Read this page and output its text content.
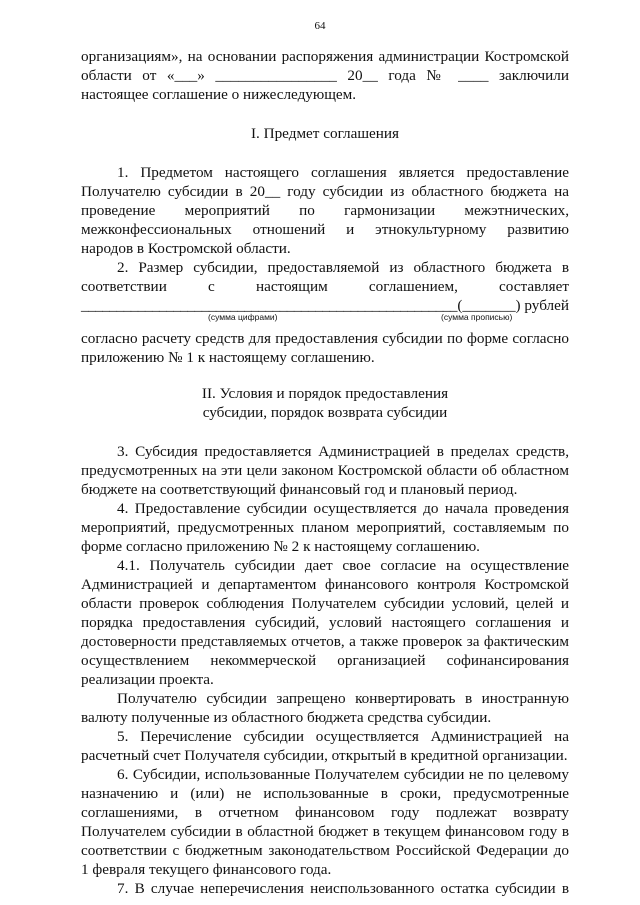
64

организациям», на основании распоряжения администрации Костромской

области от «___» ________________ 20__ года № ____ заключили

настоящее соглашение о нижеследующем.

I. Предмет соглашения

1. Предметом настоящего соглашения является предоставление

Получателю субсидии в 20__ году субсидии из областного бюджета на

проведение мероприятий по гармонизации межэтнических,

межконфессиональных отношений и этнокультурному развитию

народов в Костромской области.

2. Размер субсидии, предоставляемой из областного бюджета в

соответствии с настоящим соглашением, составляет

_____________________________________________________ (_______) рублей
(сумма цифрами)	(сумма прописью)

согласно расчету средств для предоставления субсидии по форме согласно

приложению № 1 к настоящему соглашению.

II. Условия и порядок предоставления

субсидии, порядок возврата субсидии

3. Субсидия предоставляется Администрацией в пределах средств,

предусмотренных на эти цели законом Костромской области об областном

бюджете на соответствующий финансовый год и плановый период.

4. Предоставление субсидии осуществляется до начала проведения

мероприятий, предусмотренных планом мероприятий, составляемым по

форме согласно приложению № 2 к настоящему соглашению.

4.1. Получатель субсидии дает свое согласие на осуществление

Администрацией и департаментом финансового контроля Костромской

области проверок соблюдения Получателем субсидии условий, целей и

порядка предоставления субсидий, условий настоящего соглашения и

достоверности представляемых отчетов, а также проверок за фактическим

осуществлением некоммерческой организацией софинансирования

реализации проекта.

Получателю субсидии запрещено конвертировать в иностранную

валюту полученные из областного бюджета средства субсидии.

5. Перечисление субсидии осуществляется Администрацией на

расчетный счет Получателя субсидии, открытый в кредитной организации.

6. Субсидии, использованные Получателем субсидии не по целевому

назначению и (или) не использованные в сроки, предусмотренные

соглашениями, в отчетном финансовом году подлежат возврату

Получателем субсидии в областной бюджет в текущем финансовом году в

соответствии с бюджетным законодательством Российской Федерации до

1 февраля текущего финансового года.

7. В случае неперечисления неиспользованного остатка субсидии в
